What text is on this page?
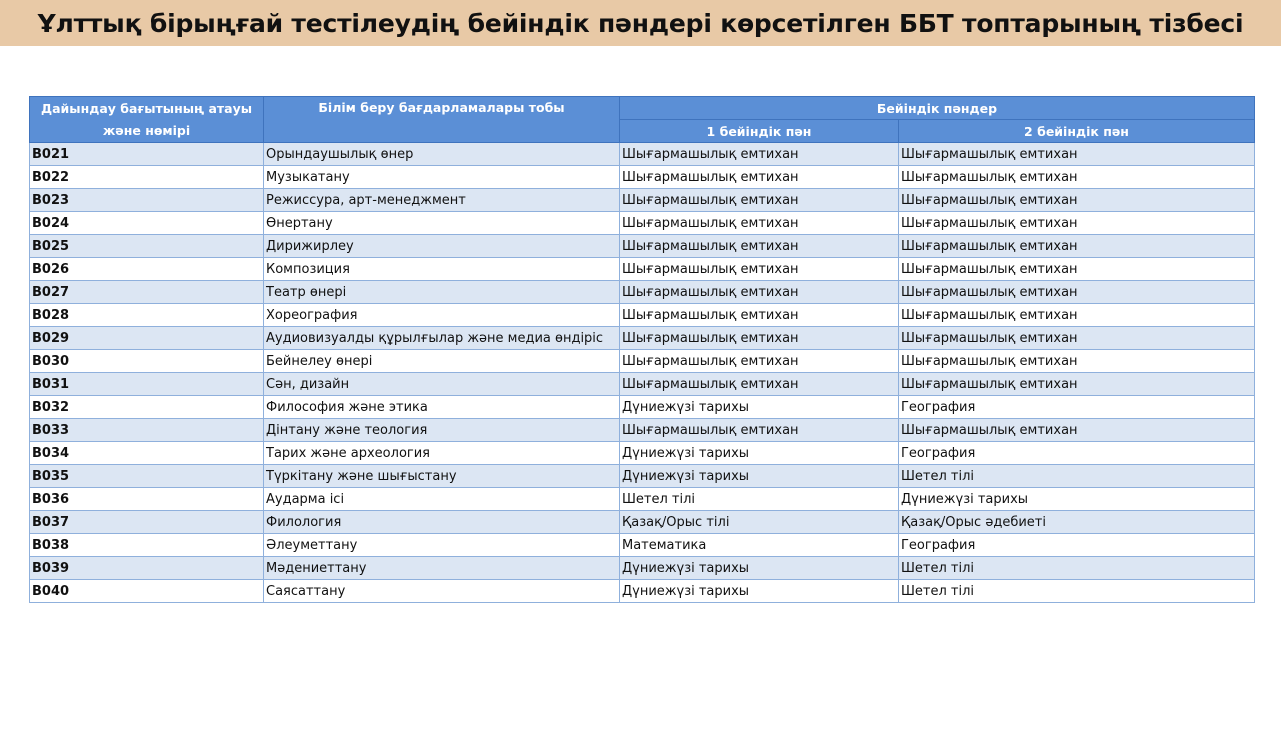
Ұлттық бірыңғай тестілеудің бейіндік пәндері көрсетілген ББТ топтарының тізбесі
Дайындау бағытының атауы және нөмірі	Білім беру бағдарламалары тобы	Бейіндік пәндер	
		1 бейіндік пән	2 бейіндік пән
B021	Орындаушылық өнер	Шығармашылық емтихан	Шығармашылық емтихан
B022	Музыкатану	Шығармашылық емтихан	Шығармашылық емтихан
B023	Режиссура, арт-менеджмент	Шығармашылық емтихан	Шығармашылық емтихан
B024	Өнертану	Шығармашылық емтихан	Шығармашылық емтихан
B025	Дирижирлеу	Шығармашылық емтихан	Шығармашылық емтихан
B026	Композиция	Шығармашылық емтихан	Шығармашылық емтихан
B027	Театр өнері	Шығармашылық емтихан	Шығармашылық емтихан
B028	Хореография	Шығармашылық емтихан	Шығармашылық емтихан
B029	Аудиовизуалды құрылғылар және медиа өндіріс	Шығармашылық емтихан	Шығармашылық емтихан
B030	Бейнелеу өнері	Шығармашылық емтихан	Шығармашылық емтихан
B031	Сән, дизайн	Шығармашылық емтихан	Шығармашылық емтихан
B032	Философия және этика	Дүниежүзі тарихы	География
B033	Дінтану және теология	Шығармашылық емтихан	Шығармашылық емтихан
B034	Тарих және археология	Дүниежүзі тарихы	География
B035	Түркітану және шығыстану	Дүниежүзі тарихы	Шетел тілі
B036	Аударма ісі	Шетел тілі	Дүниежүзі тарихы
B037	Филология	Қазақ/Орыс тілі	Қазақ/Орыс әдебиеті
B038	Әлеуметтану	Математика	География
B039	Мәдениеттану	Дүниежүзі тарихы	Шетел тілі
B040	Саясаттану	Дүниежүзі тарихы	Шетел тілі
